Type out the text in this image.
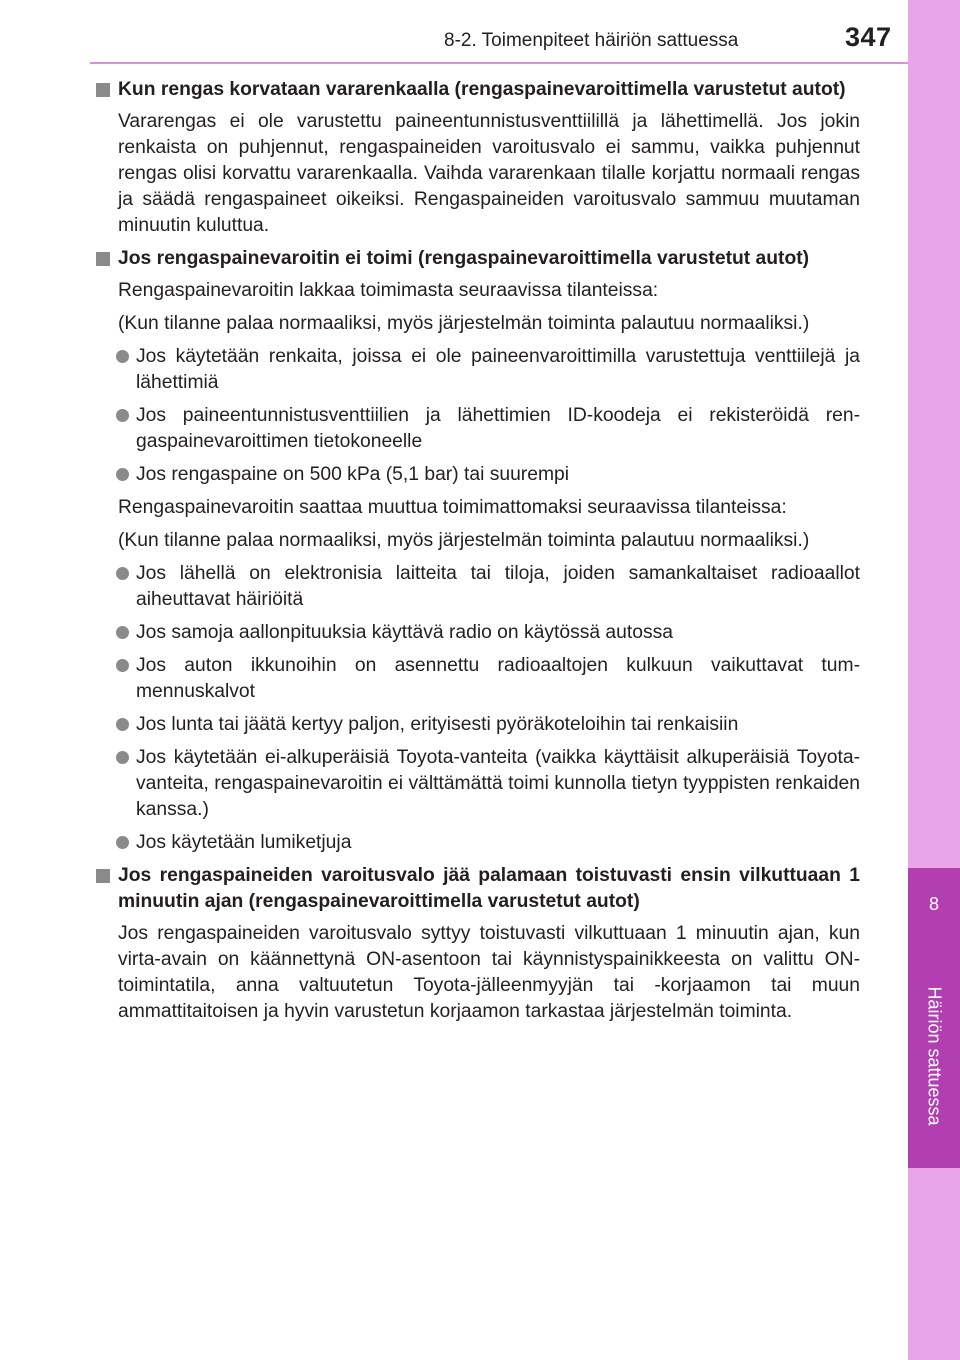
8-2. Toimenpiteet häiriön sattuessa	347
8
Häiriön sattuessa
Kun rengas korvataan vararenkaalla (rengaspainevaroittimella varustetut autot)
Vararengas ei ole varustettu paineentunnistusventtiilillä ja lähettimellä. Jos jokin renkaista on puhjennut, rengaspaineiden varoitusvalo ei sammu, vaikka puhjennut rengas olisi korvattu vararenkaalla. Vaihda vararenkaan tilalle korjattu normaali rengas ja säädä rengaspaineet oikeiksi. Rengaspaineiden varoitusvalo sammuu muutaman minuutin kuluttua.
Jos rengaspainevaroitin ei toimi (rengaspainevaroittimella varustetut autot)
Rengaspainevaroitin lakkaa toimimasta seuraavissa tilanteissa:
(Kun tilanne palaa normaaliksi, myös järjestelmän toiminta palautuu normaaliksi.)
Jos käytetään renkaita, joissa ei ole paineenvaroittimilla varustettuja venttiilejä ja lähettimiä
Jos paineentunnistusventtiilien ja lähettimien ID-koodeja ei rekisteröidä rengaspainevaroittimen tietokoneelle
Jos rengaspaine on 500 kPa (5,1 bar) tai suurempi
Rengaspainevaroitin saattaa muuttua toimimattomaksi seuraavissa tilanteissa:
(Kun tilanne palaa normaaliksi, myös järjestelmän toiminta palautuu normaaliksi.)
Jos lähellä on elektronisia laitteita tai tiloja, joiden samankaltaiset radioaallot aiheuttavat häiriöitä
Jos samoja aallonpituuksia käyttävä radio on käytössä autossa
Jos auton ikkunoihin on asennettu radioaaltojen kulkuun vaikuttavat tummennuskalvot
Jos lunta tai jäätä kertyy paljon, erityisesti pyöräkoteloihin tai renkaisiin
Jos käytetään ei-alkuperäisiä Toyota-vanteita (vaikka käyttäisit alkuperäisiä Toyota-vanteita, rengaspainevaroitin ei välttämättä toimi kunnolla tietyn tyyppisten renkaiden kanssa.)
Jos käytetään lumiketjuja
Jos rengaspaineiden varoitusvalo jää palamaan toistuvasti ensin vilkuttuaan 1 minuutin ajan (rengaspainevaroittimella varustetut autot)
Jos rengaspaineiden varoitusvalo syttyy toistuvasti vilkuttuaan 1 minuutin ajan, kun virta-avain on käännettynä ON-asentoon tai käynnistyspainikkeesta on valittu ON-toimintatila, anna valtuutetun Toyota-jälleenmyyjän tai -korjaamon tai muun ammattitaitoisen ja hyvin varustetun korjaamon tarkastaa järjestelmän toiminta.
